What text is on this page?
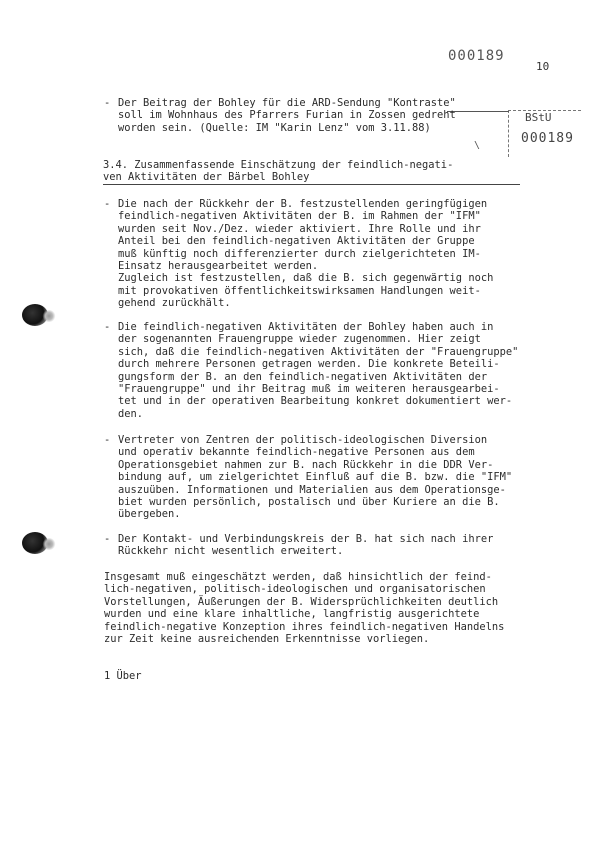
000189
10
BStU
000189
\
- Der Beitrag der Bohley für die ARD-Sendung "Kontraste"
soll im Wohnhaus des Pfarrers Furian in Zossen gedreht
worden sein. (Quelle: IM "Karin Lenz" vom 3.11.88)
3.4. Zusammenfassende Einschätzung der feindlich-negati-
ven Aktivitäten der Bärbel Bohley
- Die nach der Rückkehr der B. festzustellenden geringfügigen
feindlich-negativen Aktivitäten der B. im Rahmen der "IFM"
wurden seit Nov./Dez. wieder aktiviert. Ihre Rolle und ihr
Anteil bei den feindlich-negativen Aktivitäten der Gruppe
muß künftig noch differenzierter durch zielgerichteten IM-
Einsatz herausgearbeitet werden.
Zugleich ist festzustellen, daß die B. sich gegenwärtig noch
mit provokativen öffentlichkeitswirksamen Handlungen weit-
gehend zurückhält.
- Die feindlich-negativen Aktivitäten der Bohley haben auch in
der sogenannten Frauengruppe wieder zugenommen. Hier zeigt
sich, daß die feindlich-negativen Aktivitäten der "Frauengruppe"
durch mehrere Personen getragen werden. Die konkrete Beteili-
gungsform der B. an den feindlich-negativen Aktivitäten der
"Frauengruppe" und ihr Beitrag muß im weiteren herausgearbei-
tet und in der operativen Bearbeitung konkret dokumentiert wer-
den.
- Vertreter von Zentren der politisch-ideologischen Diversion
und operativ bekannte feindlich-negative Personen aus dem
Operationsgebiet nahmen zur B. nach Rückkehr in die DDR Ver-
bindung auf, um zielgerichtet Einfluß auf die B. bzw. die "IFM"
auszuüben. Informationen und Materialien aus dem Operationsge-
biet wurden persönlich, postalisch und über Kuriere an die B.
übergeben.
- Der Kontakt- und Verbindungskreis der B. hat sich nach ihrer
Rückkehr nicht wesentlich erweitert.
Insgesamt muß eingeschätzt werden, daß hinsichtlich der feind-
lich-negativen, politisch-ideologischen und organisatorischen
Vorstellungen, Äußerungen der B. Widersprüchlichkeiten deutlich
wurden und eine klare inhaltliche, langfristig ausgerichtete
feindlich-negative Konzeption ihres feindlich-negativen Handelns
zur Zeit keine ausreichenden Erkenntnisse vorliegen.
1 Über
